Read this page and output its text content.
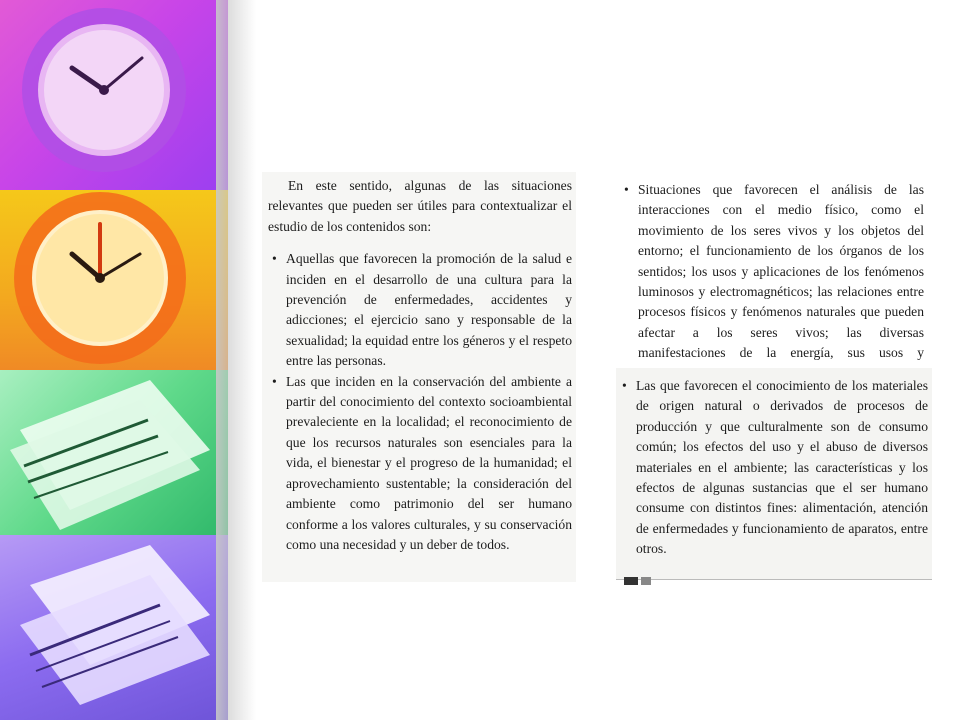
En este sentido, algunas de las situaciones relevantes que pueden ser útiles para contextualizar el estudio de los contenidos son:

• Aquellas que favorecen la promoción de la salud e inciden en el desarrollo de una cultura para la prevención de enfermedades, accidentes y adicciones; el ejercicio sano y responsable de la sexualidad; la equidad entre los géneros y el respeto entre las personas.
• Las que inciden en la conservación del ambiente a partir del conocimiento del contexto socioambiental prevaleciente en la localidad; el reconocimiento de que los recursos naturales son esenciales para la vida, el bienestar y el progreso de la humanidad; el aprovechamiento sustentable; la consideración del ambiente como patrimonio del ser humano conforme a los valores culturales, y su conservación como una necesidad y un deber de todos.
• Situaciones que favorecen el análisis de las interacciones con el medio físico, como el movimiento de los seres vivos y los objetos del entorno; el funcionamiento de los órganos de los sentidos; los usos y aplicaciones de los fenómenos luminosos y electromagnéticos; las relaciones entre procesos físicos y fenómenos naturales que pueden afectar a los seres vivos; las diversas manifestaciones de la energía, sus usos y
• Las que favorecen el conocimiento de los materiales de origen natural o derivados de procesos de producción y que culturalmente son de consumo común; los efectos del uso y el abuso de diversos materiales en el ambiente; las características y los efectos de algunas sustancias que el ser humano consume con distintos fines: alimentación, atención de enfermedades y funcionamiento de aparatos, entre otros.
